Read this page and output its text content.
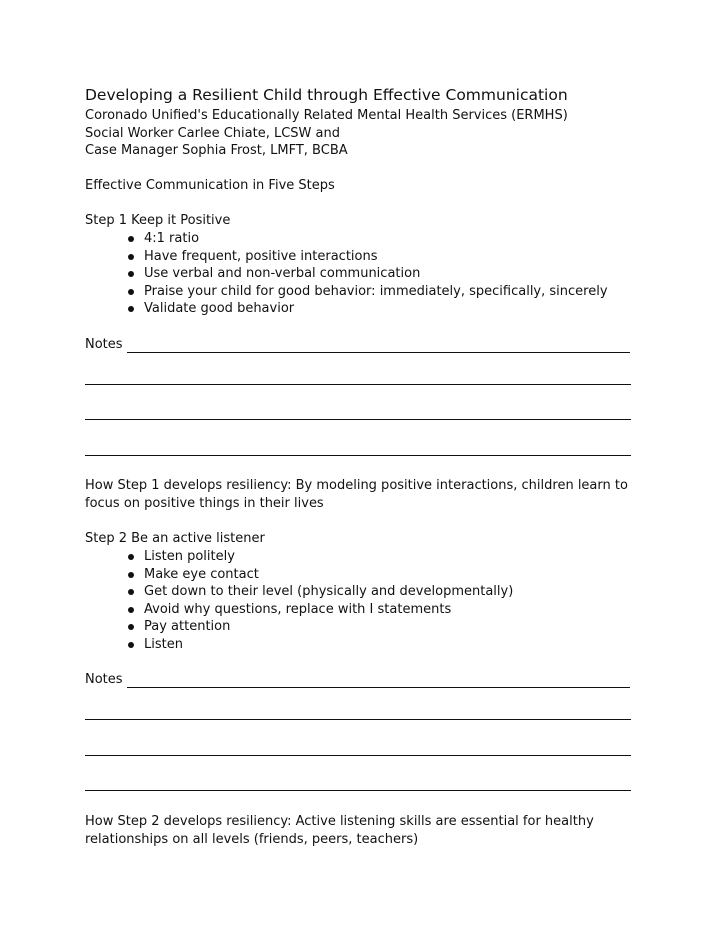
Developing a Resilient Child through Effective Communication
Coronado Unified's Educationally Related Mental Health Services (ERMHS)
Social Worker Carlee Chiate, LCSW and
Case Manager Sophia Frost, LMFT, BCBA
Effective Communication in Five Steps
Step 1 Keep it Positive
4:1 ratio
Have frequent, positive interactions
Use verbal and non-verbal communication
Praise your child for good behavior: immediately, specifically, sincerely
Validate good behavior
Notes
How Step 1 develops resiliency: By modeling positive interactions, children learn to focus on positive things in their lives
Step 2 Be an active listener
Listen politely
Make eye contact
Get down to their level (physically and developmentally)
Avoid why questions, replace with I statements
Pay attention
Listen
Notes
How Step 2 develops resiliency: Active listening skills are essential for healthy relationships on all levels (friends, peers, teachers)
